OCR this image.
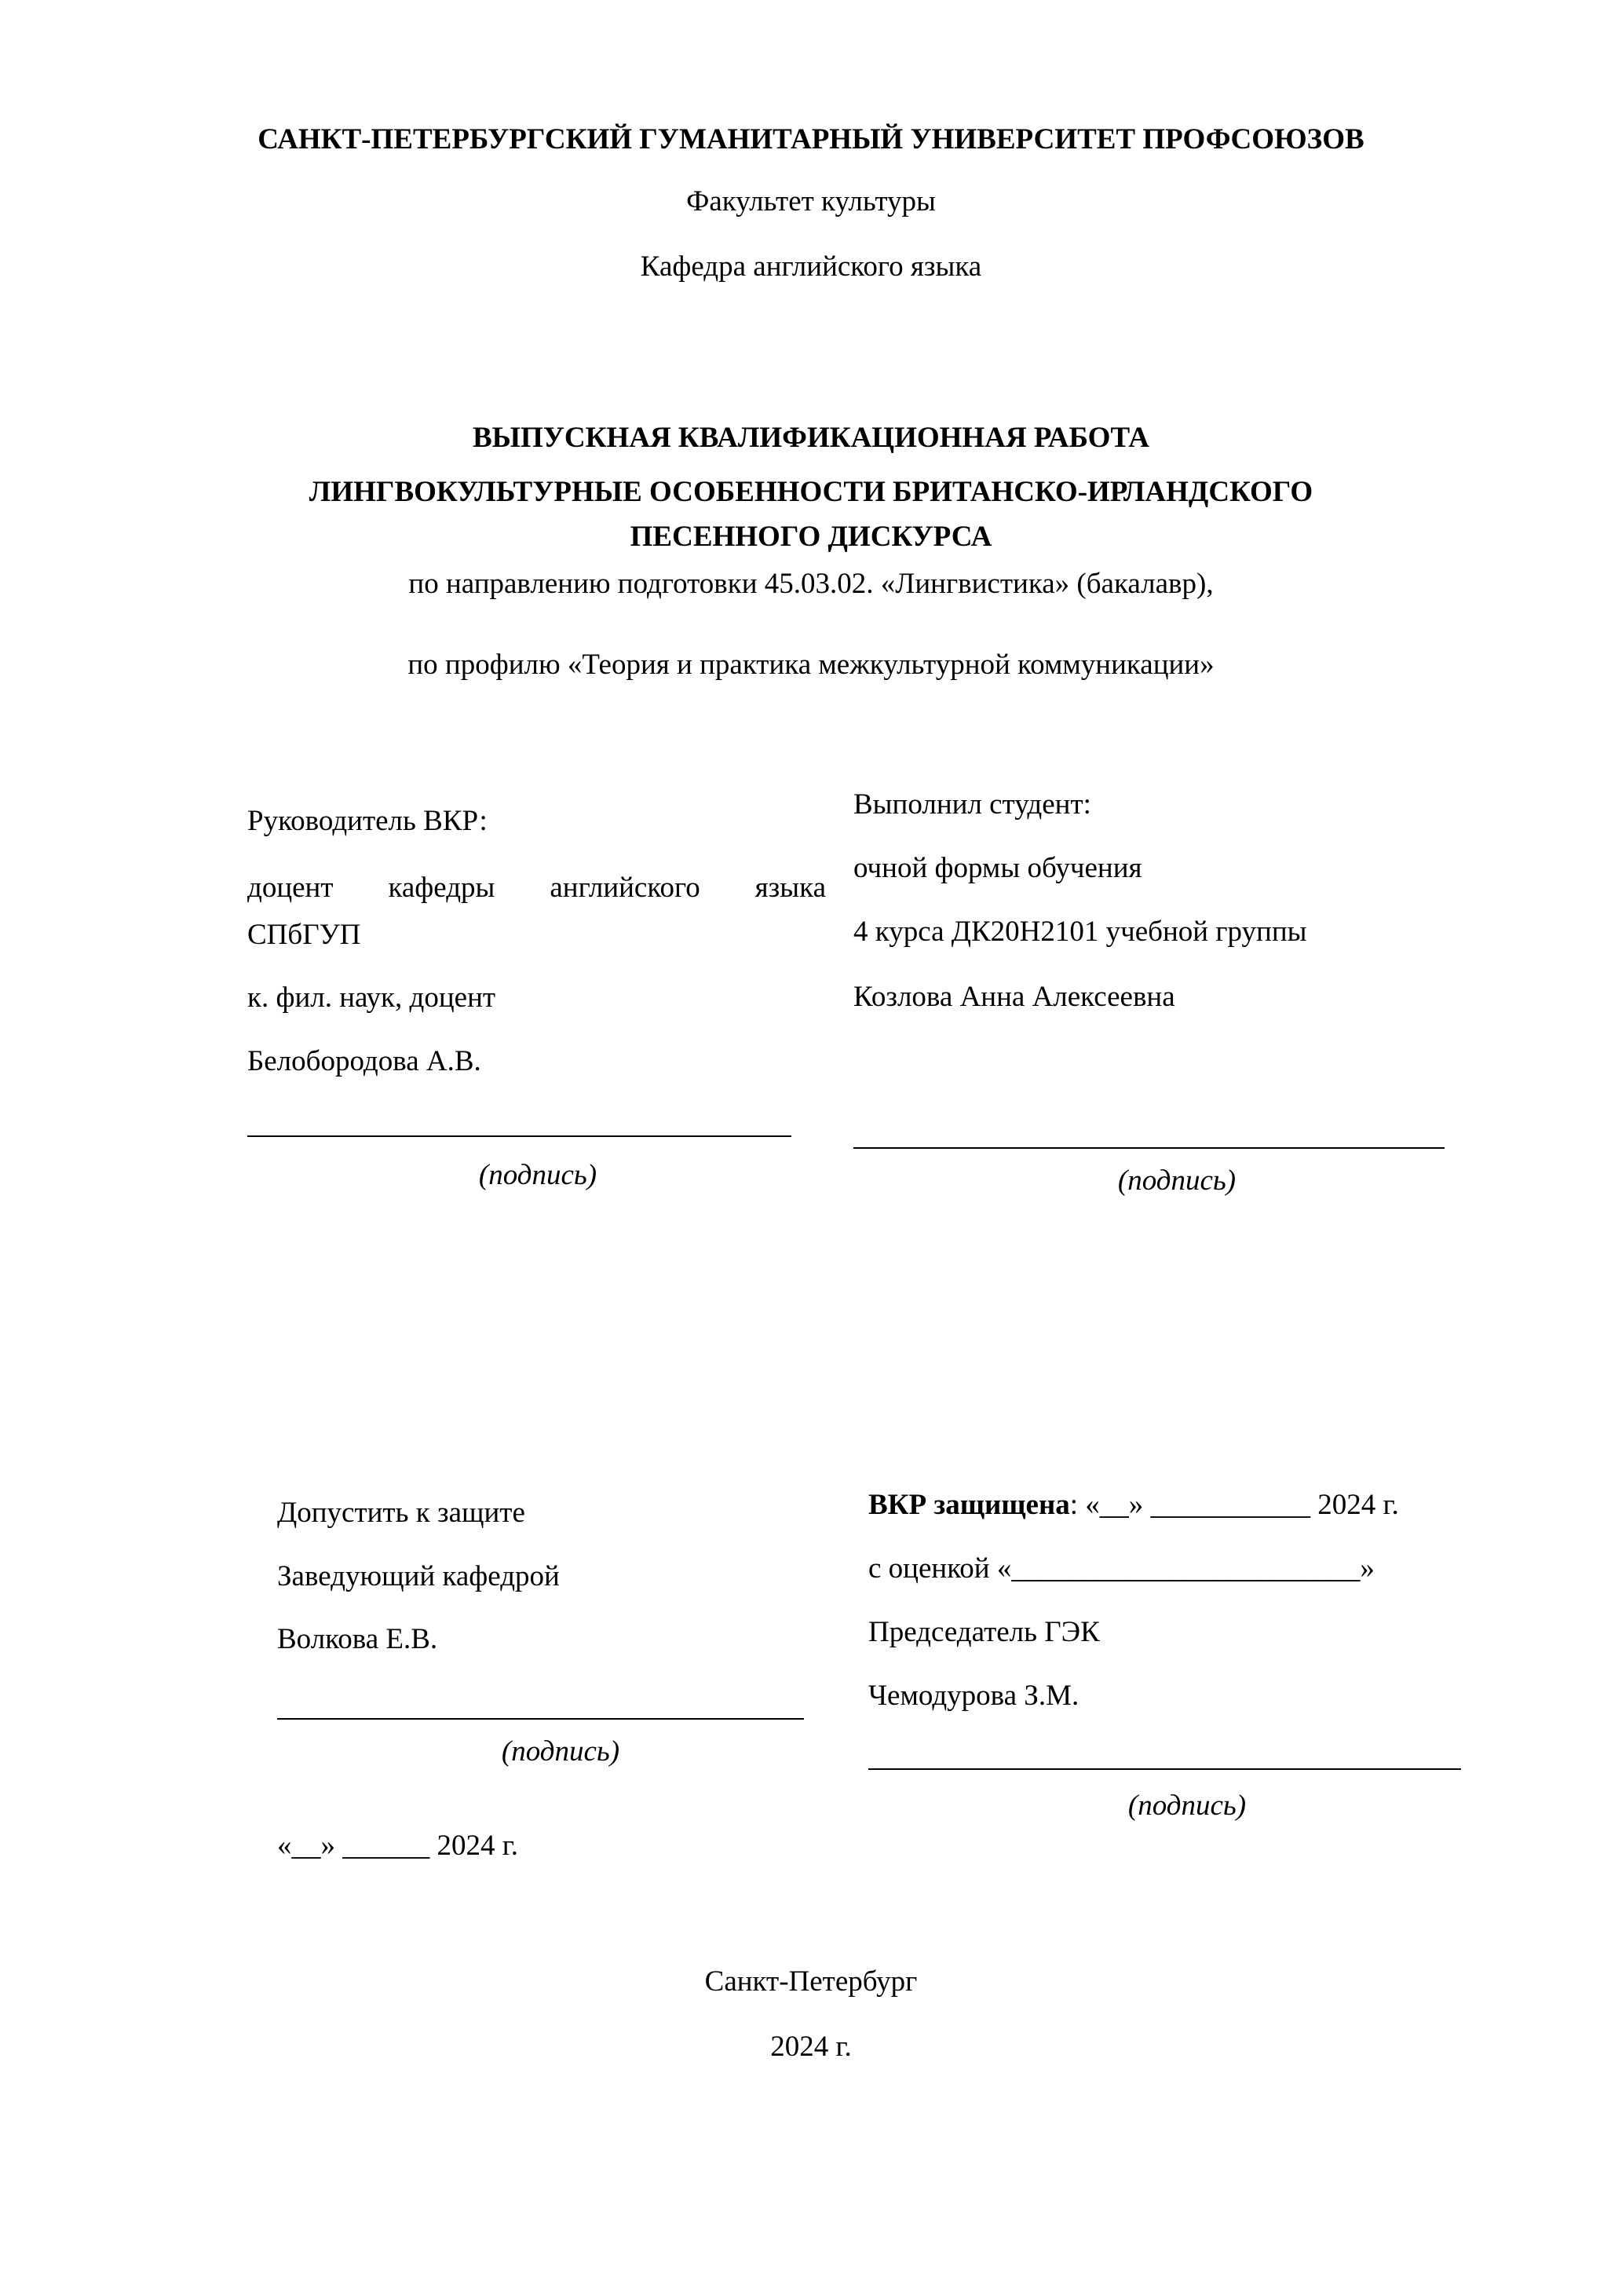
САНКТ-ПЕТЕРБУРГСКИЙ ГУМАНИТАРНЫЙ УНИВЕРСИТЕТ ПРОФСОЮЗОВ
Факультет культуры
Кафедра английского языка
ВЫПУСКНАЯ КВАЛИФИКАЦИОННАЯ РАБОТА
ЛИНГВОКУЛЬТУРНЫЕ ОСОБЕННОСТИ БРИТАНСКО-ИРЛАНДСКОГО
ПЕСЕННОГО ДИСКУРСА
по направлению подготовки 45.03.02. «Лингвистика» (бакалавр),
по профилю «Теория и практика межкультурной коммуникации»
Руководитель ВКР:
доцент кафедры английского языка
СПбГУП
к. фил. наук, доцент
Белобородова А.В.
(подпись)
Выполнил студент:
очной формы обучения
4 курса ДК20Н2101 учебной группы
Козлова Анна Алексеевна
(подпись)
Допустить к защите
Заведующий кафедрой
Волкова Е.В.
(подпись)
«__» ______ 2024 г.
ВКР защищена: «__» ___________ 2024 г.
с оценкой «________________________»
Председатель ГЭК
Чемодурова З.М.
(подпись)
Санкт-Петербург
2024 г.
